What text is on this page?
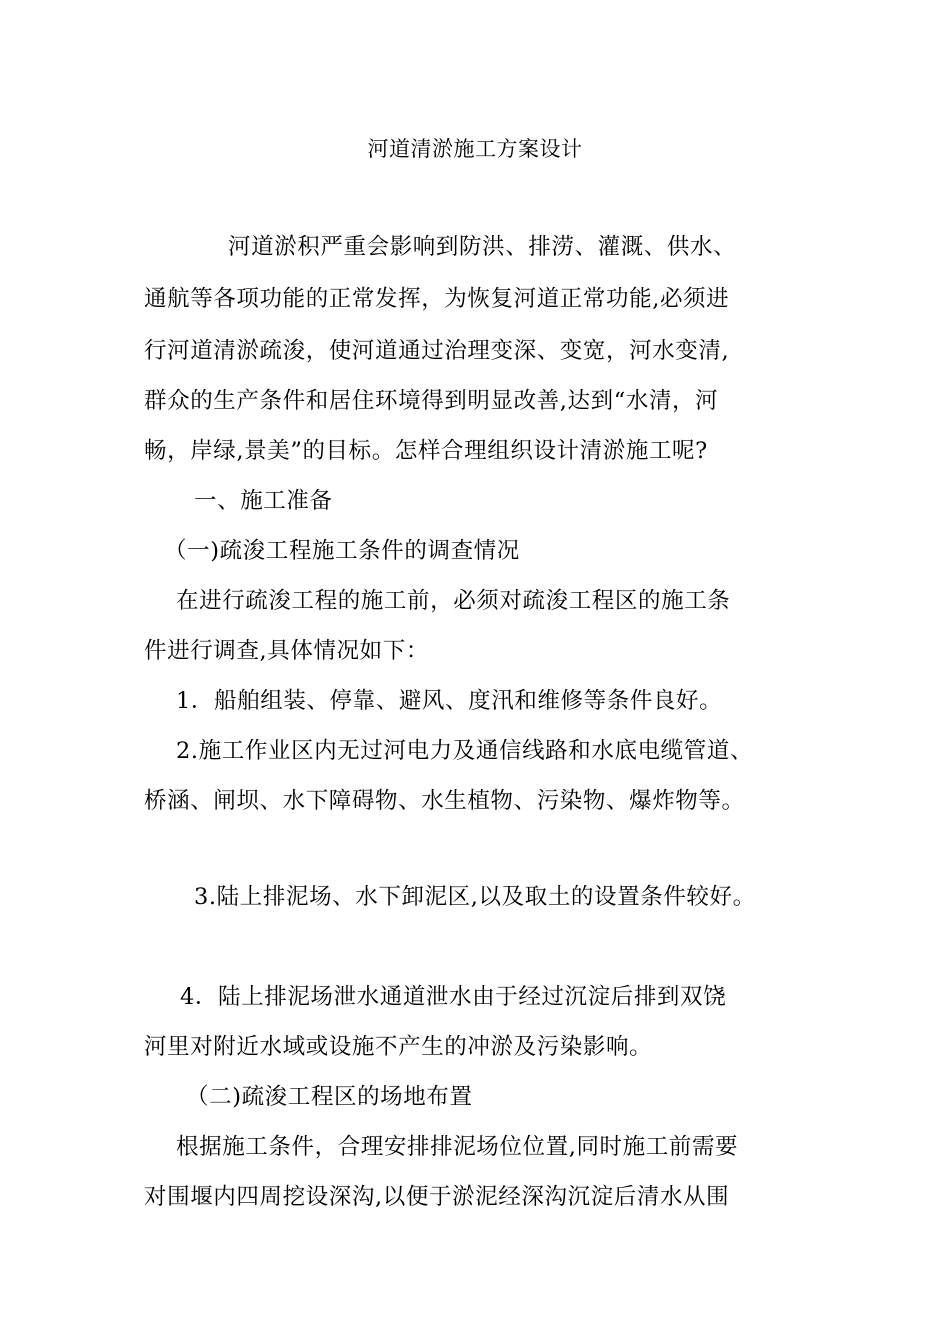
河道清淤施工方案设计
河道淤积严重会影响到防洪、排涝、灌溉、供水、
通航等各项功能的正常发挥，为恢复河道正常功能,必须进
行河道清淤疏浚，使河道通过治理变深、变宽，河水变清,
群众的生产条件和居住环境得到明显改善,达到“水清，河
畅，岸绿,景美”的目标。怎样合理组织设计清淤施工呢?
一、施工准备
（一)疏浚工程施工条件的调查情况
在进行疏浚工程的施工前，必须对疏浚工程区的施工条
件进行调查,具体情况如下：
1．船舶组装、停靠、避风、度汛和维修等条件良好。
2.施工作业区内无过河电力及通信线路和水底电缆管道、
桥涵、闸坝、水下障碍物、水生植物、污染物、爆炸物等。
3.陆上排泥场、水下卸泥区,以及取土的设置条件较好。
4．陆上排泥场泄水通道泄水由于经过沉淀后排到双饶
河里对附近水域或设施不产生的冲淤及污染影响。
（二)疏浚工程区的场地布置
根据施工条件，合理安排排泥场位位置,同时施工前需要
对围堰内四周挖设深沟,以便于淤泥经深沟沉淀后清水从围
